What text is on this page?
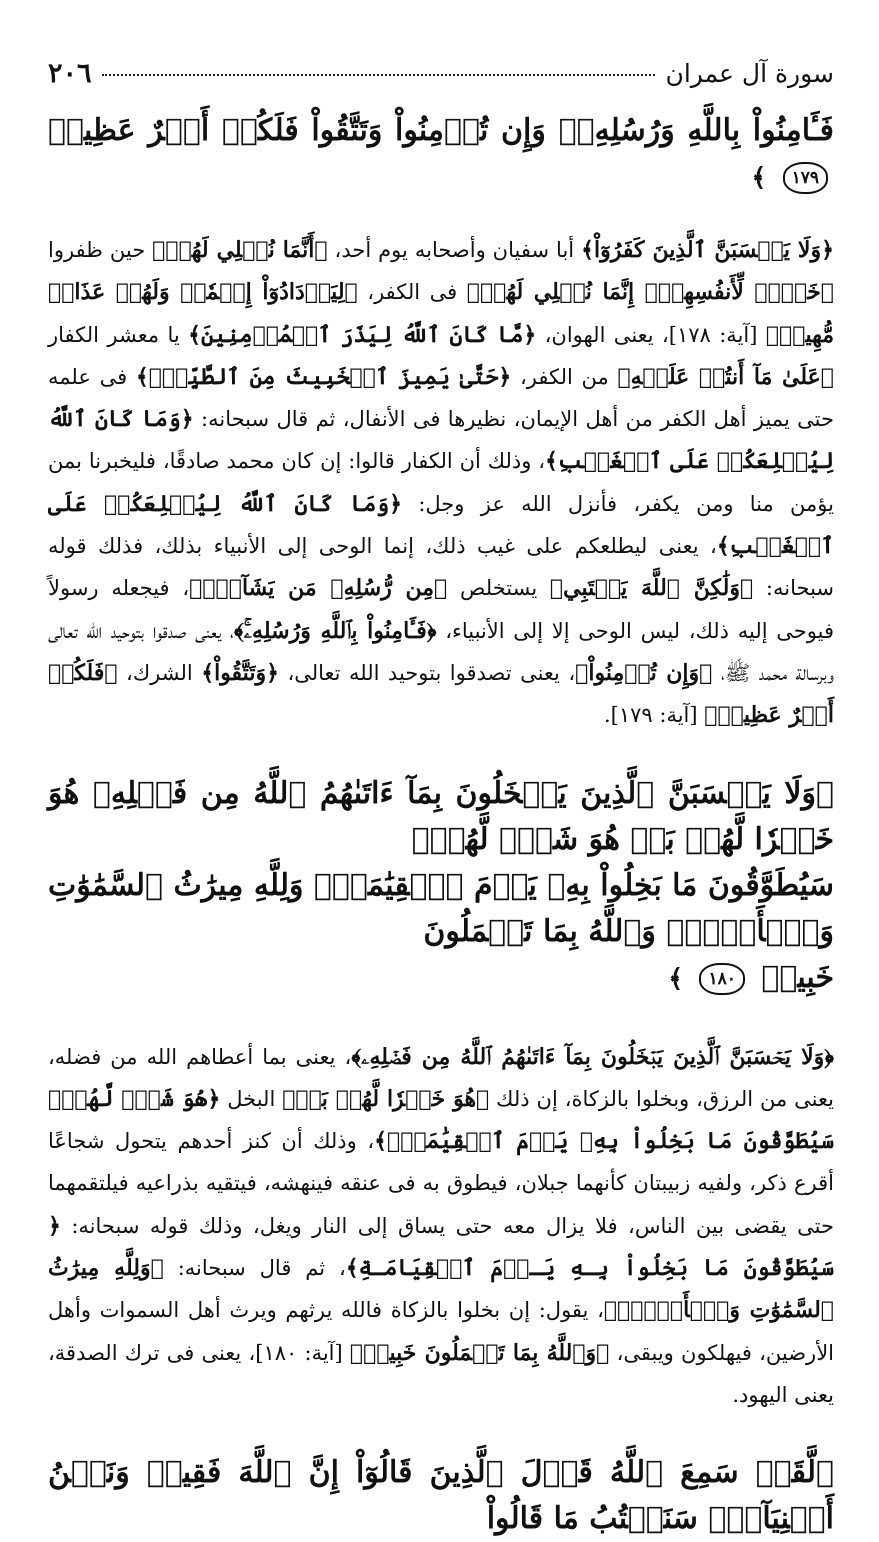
سورة آل عمران
٢٠٦
فَـَٔامِنُواْ بِاللَّهِ وَرُسُلِهِۦۚ وَإِن تُؤۡمِنُواْ وَتَتَّقُواْ فَلَكُمۡ أَجۡرٌ عَظِيمٞ ١٧٩ ﴾
﴿وَلَا يَحۡسَبَنَّ ٱلَّذِينَ كَفَرُوٓاْ﴾ أبا سفيان وأصحابه يوم أحد، ﴿أَنَّمَا نُمۡلِي لَهُمۡ﴾ حين ظفروا ﴿خَيۡرٞ لِّأَنفُسِهِمۡۚ إِنَّمَا نُمۡلِي لَهُمۡ﴾ فى الكفر، ﴿لِيَزۡدَادُوٓاْ إِثۡمٗاۖ وَلَهُمۡ عَذَابٞ مُّهِينٞ﴾ [آية: ١٧٨]، يعنى الهوان، ﴿مَّا كَانَ ٱللَّهُ لِيَذَرَ ٱلۡمُؤۡمِنِينَ﴾ يا معشر الكفار ﴿عَلَىٰ مَآ أَنتُمۡ عَلَيۡهِ﴾ من الكفر، ﴿حَتَّىٰ يَمِيزَ ٱلۡخَبِيثَ مِنَ ٱلطَّيِّبِۗ﴾ فى علمه حتى يميز أهل الكفر من أهل الإيمان، نظيرها فى الأنفال، ثم قال سبحانه: ﴿وَمَا كَانَ ٱللَّهُ لِيُطۡلِعَكُمۡ عَلَى ٱلۡغَيۡبِ﴾، وذلك أن الكفار قالوا: إن كان محمد صادقًا، فليخبرنا بمن يؤمن منا ومن يكفر، فأنزل الله عز وجل: ﴿وَمَا كَانَ ٱللَّهُ لِيُطۡلِعَكُمۡ عَلَى ٱلۡغَيۡبِ﴾، يعنى ليطلعكم على غيب ذلك، إنما الوحى إلى الأنبياء بذلك، فذلك قوله سبحانه: ﴿وَلَٰكِنَّ ٱللَّهَ يَجۡتَبِي﴾ يستخلص ﴿مِن رُّسُلِهِۦ مَن يَشَآءُۖ﴾، فيجعله رسولاً فيوحى إليه ذلك، ليس الوحى إلا إلى الأنبياء، ﴿فَـَٔامِنُواْ بِٱللَّهِ وَرُسُلِهِۦۚ﴾، يعنى صدقوا بتوحيد الله تعالى وبرسالة محمد ﷺ، ﴿وَإِن تُؤۡمِنُواْ﴾، يعنى تصدقوا بتوحيد الله تعالى، ﴿وَتَتَّقُواْ﴾ الشرك، ﴿فَلَكُمۡ أَجۡرٌ عَظِيمٞ﴾ [آية: ١٧٩].
﴿وَلَا يَحۡسَبَنَّ ٱلَّذِينَ يَبۡخَلُونَ بِمَآ ءَاتَىٰهُمُ ٱللَّهُ مِن فَضۡلِهِۦ هُوَ خَيۡرٗا لَّهُمۖ بَلۡ هُوَ شَرّٞ لَّهُمۡۖ
سَيُطَوَّقُونَ مَا بَخِلُواْ بِهِۦ يَوۡمَ ٱلۡقِيَٰمَةِۗ وَلِلَّهِ مِيرَٰثُ ٱلسَّمَٰوَٰتِ وَٱلۡأَرۡضِۗ وَٱللَّهُ بِمَا تَعۡمَلُونَ
خَبِيرٞ ١٨٠ ﴾
﴿وَلَا يَحۡسَبَنَّ ٱلَّذِينَ يَبۡخَلُونَ بِمَآ ءَاتَىٰهُمُ ٱللَّهُ مِن فَضۡلِهِۦ﴾، يعنى بما أعطاهم الله من فضله، يعنى من الرزق، وبخلوا بالزكاة، إن ذلك ﴿هُوَ خَيۡرٗا لَّهُمۖ بَلۡ﴾ البخل ﴿هُوَ شَرّٞ لَّهُمۡۖ سَيُطَوَّقُونَ مَا بَخِلُواْ بِهِۦ يَوۡمَ ٱلۡقِيَٰمَةِۗ﴾، وذلك أن كنز أحدهم يتحول شجاعًا أقرع ذكر، ولفيه زبيبتان كأنهما جبلان، فيطوق به فى عنقه فينهشه، فيتقيه بذراعيه فيلتقمهما حتى يقضى بين الناس، فلا يزال معه حتى يساق إلى النار ويغل، وذلك قوله سبحانه: ﴿ سَيُطَوَّقُونَ مَا بَخِلُواْ بِـهِ يَـوۡمَ ٱلۡقِيَامَـةِ﴾، ثم قال سبحانه: ﴿وَلِلَّهِ مِيرَٰثُ ٱلسَّمَٰوَٰتِ وَٱلۡأَرۡضِۗ﴾، يقول: إن بخلوا بالزكاة فالله يرثهم ويرث أهل السموات وأهل الأرضين، فيهلكون ويبقى، ﴿وَٱللَّهُ بِمَا تَعۡمَلُونَ خَبِيرٞ﴾ [آية: ١٨٠]، يعنى فى ترك الصدقة، يعنى اليهود.
﴿لَّقَدۡ سَمِعَ ٱللَّهُ قَوۡلَ ٱلَّذِينَ قَالُوٓاْ إِنَّ ٱللَّهَ فَقِيرٞ وَنَحۡنُ أَغۡنِيَآءُۘ سَنَكۡتُبُ مَا قَالُواْ
